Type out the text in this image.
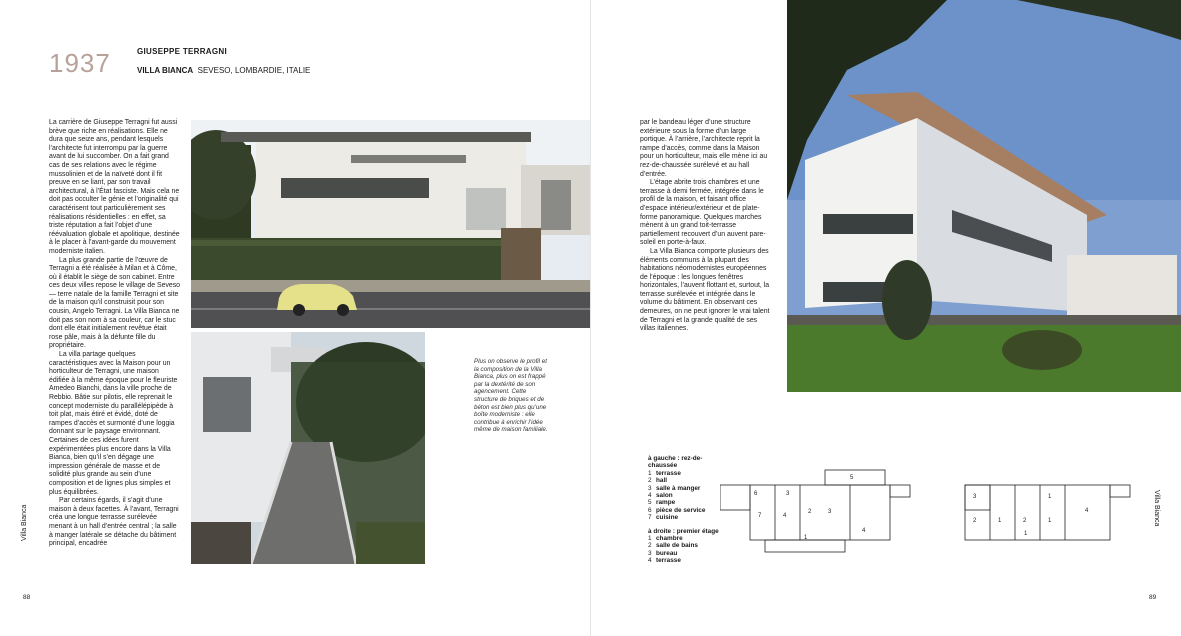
1937	GIUSEPPE TERRAGNI
VILLA BIANCA SEVESO, LOMBARDIE, ITALIE

La carrière de Giuseppe Terragni fut aussi brève que riche en réalisations. Elle ne dura que seize ans, pendant lesquels l’architecte fut interrompu par la guerre avant de lui succomber. On a fait grand cas de ses relations avec le régime mussolinien et de la naïveté dont il fit preuve en se liant, par son travail architectural, à l’État fasciste. Mais cela ne doit pas occulter le génie et l’originalité qui caractérisent tout particulièrement ses réalisations résidentielles : en effet, sa triste réputation a fait l’objet d’une réévaluation globale et apolitique, destinée à le placer à l’avant-garde du mouvement moderniste italien.

La plus grande partie de l’œuvre de Terragni a été réalisée à Milan et à Côme, où il établit le siège de son cabinet. Entre ces deux villes repose le village de Seveso — terre natale de la famille Terragni et site de la maison qu’il construisit pour son cousin, Angelo Terragni. La Villa Bianca ne doit pas son nom à sa couleur, car le stuc dont elle était initialement revêtue était rose pâle, mais à la défunte fille du propriétaire.

La villa partage quelques caractéristiques avec la Maison pour un horticulteur de Terragni, une maison édifiée à la même époque pour le fleuriste Amedeo Bianchi, dans la ville proche de Rebbio. Bâtie sur pilotis, elle reprenait le concept moderniste du parallélépipède à toit plat, mais étiré et évidé, doté de rampes d’accès et surmonté d’une loggia donnant sur le paysage environnant. Certaines de ces idées furent expérimentées plus encore dans la Villa Bianca, bien qu’il s’en dégage une impression générale de masse et de solidité plus grande au sein d’une composition et de lignes plus simples et plus équilibrées.

Par certains égards, il s’agit d’une maison à deux facettes. À l’avant, Terragni créa une longue terrasse surélevée menant à un hall d’entrée central ; la salle à manger latérale se détache du bâtiment principal, encadrée

par le bandeau léger d’une structure extérieure sous la forme d’un large portique. À l’arrière, l’architecte reprit la rampe d’accès, comme dans la Maison pour un horticulteur, mais elle mène ici au rez-de-chaussée surélevé et au hall d’entrée.

L’étage abrite trois chambres et une terrasse à demi fermée, intégrée dans le profil de la maison, et faisant office d’espace intérieur/extérieur et de plate-forme panoramique. Quelques marches mènent à un grand toit-terrasse partiellement recouvert d’un auvent pare-soleil en porte-à-faux.

La Villa Bianca comporte plusieurs des éléments communs à la plupart des habitations néomodernistes européennes de l’époque : les longues fenêtres horizontales, l’auvent flottant et, surtout, la terrasse surélevée et intégrée dans le volume du bâtiment. En observant ces demeures, on ne peut ignorer le vrai talent de Terragni et la grande qualité de ses villas italiennes.

Plus on observe le profil et la composition de la Villa Bianca, plus on est frappé par la dextérité de son agencement. Cette structure de briques et de béton est bien plus qu’une boîte moderniste : elle contribue à enrichir l’idée même de maison familiale.
à gauche : rez-de-chaussée
1 terrasse
2 hall
3 salle à manger
4 salon
5 rampe
6 pièce de service
7 cuisine
à droite : premier étage
1 chambre
2 salle de bains
3 bureau
4 terrasse
5
6	3
7	4
3
2
1
4
3
2	1	2
1
1
4
1
Villa Bianca	Villa Bianca
88	89
